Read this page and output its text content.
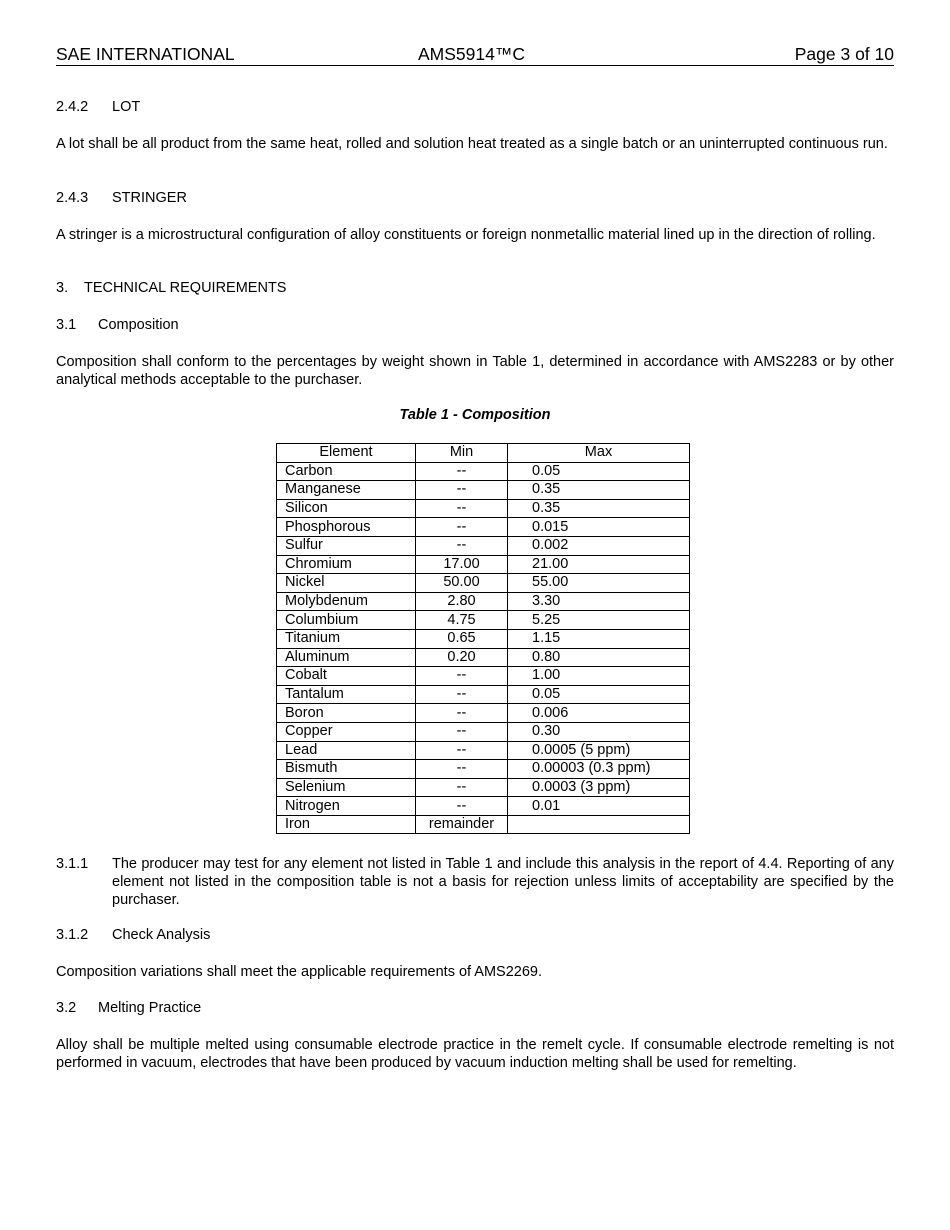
SAE INTERNATIONAL	AMS5914™C	Page 3 of 10
2.4.2 LOT
A lot shall be all product from the same heat, rolled and solution heat treated as a single batch or an uninterrupted continuous run.
2.4.3 STRINGER
A stringer is a microstructural configuration of alloy constituents or foreign nonmetallic material lined up in the direction of rolling.
3. TECHNICAL REQUIREMENTS
3.1 Composition
Composition shall conform to the percentages by weight shown in Table 1, determined in accordance with AMS2283 or by other analytical methods acceptable to the purchaser.
Table 1 - Composition
Element	Min	Max
Carbon	--	0.05
Manganese	--	0.35
Silicon	--	0.35
Phosphorous	--	0.015
Sulfur	--	0.002
Chromium	17.00	21.00
Nickel	50.00	55.00
Molybdenum	2.80	3.30
Columbium	4.75	5.25
Titanium	0.65	1.15
Aluminum	0.20	0.80
Cobalt	--	1.00
Tantalum	--	0.05
Boron	--	0.006
Copper	--	0.30
Lead	--	0.0005 (5 ppm)
Bismuth	--	0.00003 (0.3 ppm)
Selenium	--	0.0003 (3 ppm)
Nitrogen	--	0.01
Iron	remainder	
3.1.1 The producer may test for any element not listed in Table 1 and include this analysis in the report of 4.4. Reporting of any element not listed in the composition table is not a basis for rejection unless limits of acceptability are specified by the purchaser.
3.1.2 Check Analysis
Composition variations shall meet the applicable requirements of AMS2269.
3.2 Melting Practice
Alloy shall be multiple melted using consumable electrode practice in the remelt cycle. If consumable electrode remelting is not performed in vacuum, electrodes that have been produced by vacuum induction melting shall be used for remelting.
